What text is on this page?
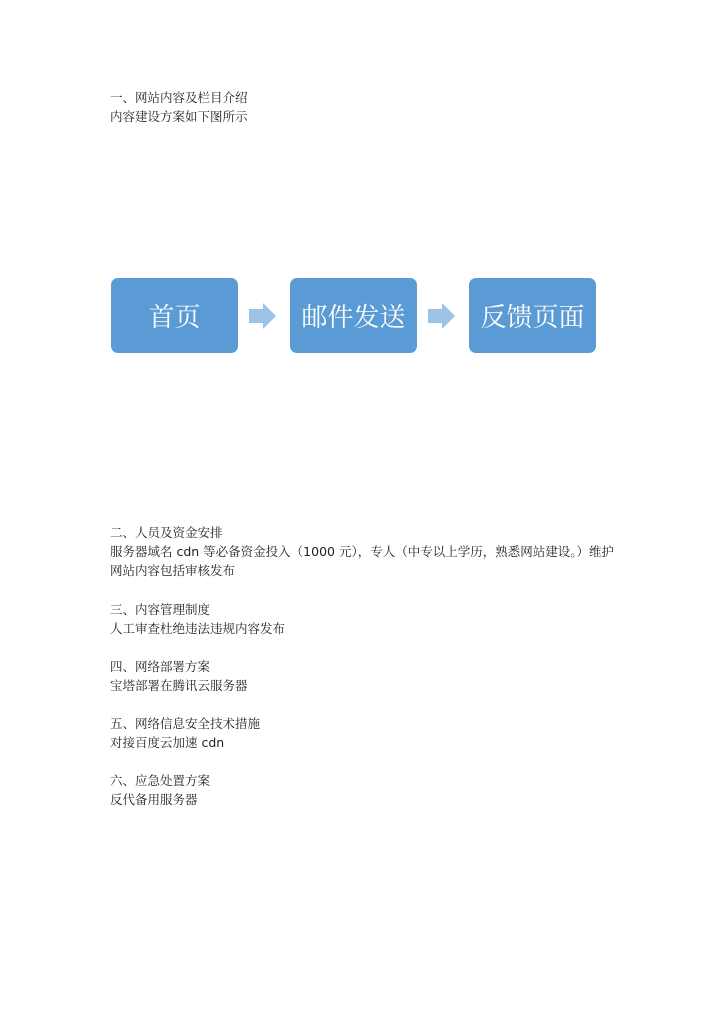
一、网站内容及栏目介绍
内容建设方案如下图所示
首页	邮件发送	反馈页面
二、人员及资金安排
服务器域名 cdn 等必备资金投入（1000 元），专人（中专以上学历，熟悉网站建设。）维护
网站内容包括审核发布
三、内容管理制度
人工审查杜绝违法违规内容发布
四、网络部署方案
宝塔部署在腾讯云服务器
五、网络信息安全技术措施
对接百度云加速 cdn
六、应急处置方案
反代备用服务器
